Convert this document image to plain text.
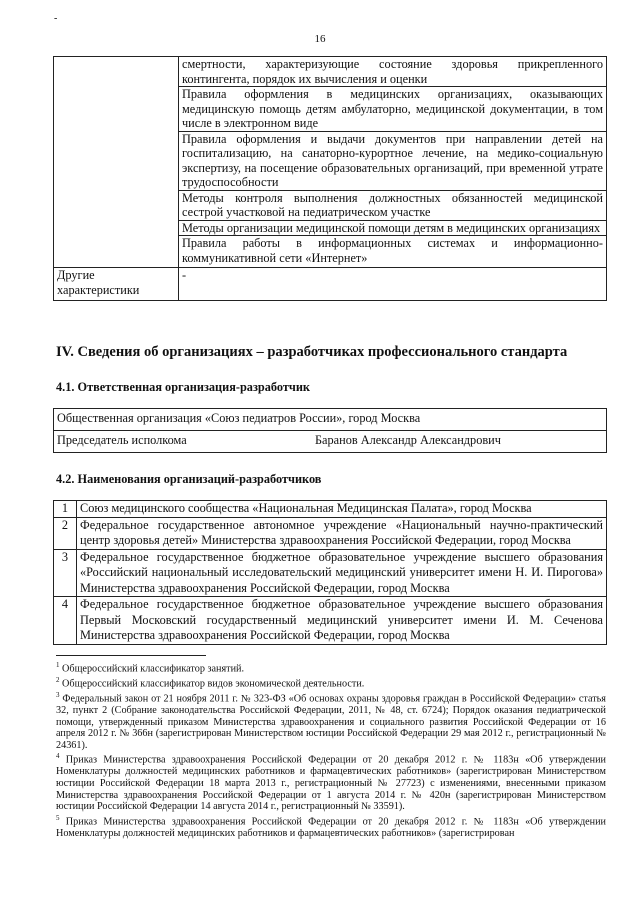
-
16
	смертности, характеризующие состояние здоровья прикрепленного контингента, порядок их вычисления и оценки
	Правила оформления в медицинских организациях, оказывающих медицинскую помощь детям амбулаторно, медицинской документации, в том числе в электронном виде
	Правила оформления и выдачи документов при направлении детей на госпитализацию, на санаторно-курортное лечение, на медико-социальную экспертизу, на посещение образовательных организаций, при временной утрате трудоспособности
	Методы контроля выполнения должностных обязанностей медицинской сестрой участковой на педиатрическом участке
	Методы организации медицинской помощи детям в медицинских организациях
	Правила работы в информационных системах и информационно-коммуникативной сети «Интернет»
Другие характеристики	-
IV. Сведения об организациях – разработчиках профессионального стандарта
4.1. Ответственная организация-разработчик
Общественная организация «Союз педиатров России», город Москва

Председатель исполкома	Баранов Александр Александрович
4.2. Наименования организаций-разработчиков
1	Союз медицинского сообщества «Национальная Медицинская Палата», город Москва
2	Федеральное государственное автономное учреждение «Национальный научно-практический центр здоровья детей» Министерства здравоохранения Российской Федерации, город Москва
3	Федеральное государственное бюджетное образовательное учреждение высшего образования «Российский национальный исследовательский медицинский университет имени Н. И. Пирогова» Министерства здравоохранения Российской Федерации, город Москва
4	Федеральное государственное бюджетное образовательное учреждение высшего образования Первый Московский государственный медицинский университет имени И. М. Сеченова Министерства здравоохранения Российской Федерации, город Москва

$^1$ Общероссийский классификатор занятий.

$^2$ Общероссийский классификатор видов экономической деятельности.

$^3$ Федеральный закон от 21 ноября 2011 г. № 323-ФЗ «Об основах охраны здоровья граждан в Российской Федерации» статья 32, пункт 2 (Собрание законодательства Российской Федерации, 2011, № 48, ст. 6724); Порядок оказания педиатрической помощи, утвержденный приказом Министерства здравоохранения и социального развития Российской Федерации от 16 апреля 2012 г. № 366н (зарегистрирован Министерством юстиции Российской Федерации 29 мая 2012 г., регистрационный № 24361).

$^4$ Приказ Министерства здравоохранения Российской Федерации от 20 декабря 2012 г. № 1183н «Об утверждении Номенклатуры должностей медицинских работников и фармацевтических работников» (зарегистрирован Министерством юстиции Российской Федерации 18 марта 2013 г., регистрационный № 27723) с изменениями, внесенными приказом Министерства здравоохранения Российской Федерации от 1 августа 2014 г. № 420н (зарегистрирован Министерством юстиции Российской Федерации 14 августа 2014 г., регистрационный № 33591).

$^5$ Приказ Министерства здравоохранения Российской Федерации от 20 декабря 2012 г. № 1183н «Об утверждении Номенклатуры должностей медицинских работников и фармацевтических работников» (зарегистрирован
